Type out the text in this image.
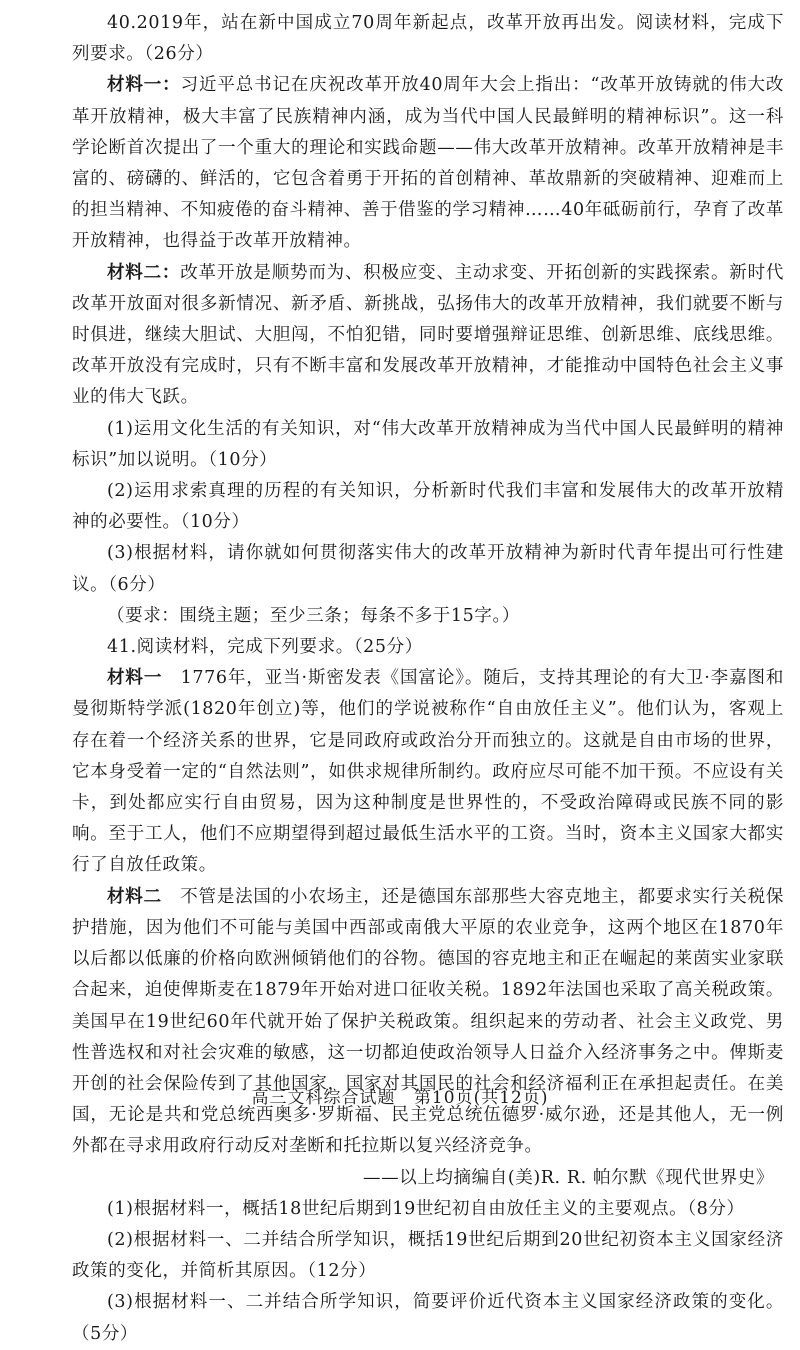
40.2019年，站在新中国成立70周年新起点，改革开放再出发。阅读材料，完成下列要求。（26分）

材料一：习近平总书记在庆祝改革开放40周年大会上指出：“改革开放铸就的伟大改革开放精神，极大丰富了民族精神内涵，成为当代中国人民最鲜明的精神标识”。这一科学论断首次提出了一个重大的理论和实践命题——伟大改革开放精神。改革开放精神是丰富的、磅礴的、鲜活的，它包含着勇于开拓的首创精神、革故鼎新的突破精神、迎难而上的担当精神、不知疲倦的奋斗精神、善于借鉴的学习精神……40年砥砺前行，孕育了改革开放精神，也得益于改革开放精神。

材料二：改革开放是顺势而为、积极应变、主动求变、开拓创新的实践探索。新时代改革开放面对很多新情况、新矛盾、新挑战，弘扬伟大的改革开放精神，我们就要不断与时俱进，继续大胆试、大胆闯，不怕犯错，同时要增强辩证思维、创新思维、底线思维。改革开放没有完成时，只有不断丰富和发展改革开放精神，才能推动中国特色社会主义事业的伟大飞跃。

(1)运用文化生活的有关知识，对“伟大改革开放精神成为当代中国人民最鲜明的精神标识”加以说明。（10分）

(2)运用求索真理的历程的有关知识，分析新时代我们丰富和发展伟大的改革开放精神的必要性。（10分）

(3)根据材料，请你就如何贯彻落实伟大的改革开放精神为新时代青年提出可行性建议。（6分）

（要求：围绕主题；至少三条；每条不多于15字。）

41.阅读材料，完成下列要求。（25分）

材料一　1776年，亚当·斯密发表《国富论》。随后，支持其理论的有大卫·李嘉图和曼彻斯特学派(1820年创立)等，他们的学说被称作“自由放任主义”。他们认为，客观上存在着一个经济关系的世界，它是同政府或政治分开而独立的。这就是自由市场的世界，它本身受着一定的“自然法则”，如供求规律所制约。政府应尽可能不加干预。不应设有关卡，到处都应实行自由贸易，因为这种制度是世界性的，不受政治障碍或民族不同的影响。至于工人，他们不应期望得到超过最低生活水平的工资。当时，资本主义国家大都实行了自放任政策。

材料二　不管是法国的小农场主，还是德国东部那些大容克地主，都要求实行关税保护措施，因为他们不可能与美国中西部或南俄大平原的农业竞争，这两个地区在1870年以后都以低廉的价格向欧洲倾销他们的谷物。德国的容克地主和正在崛起的莱茵实业家联合起来，迫使俾斯麦在1879年开始对进口征收关税。1892年法国也采取了高关税政策。美国早在19世纪60年代就开始了保护关税政策。组织起来的劳动者、社会主义政党、男性普选权和对社会灾难的敏感，这一切都迫使政治领导人日益介入经济事务之中。俾斯麦开创的社会保险传到了其他国家，国家对其国民的社会和经济福利正在承担起责任。在美国，无论是共和党总统西奥多·罗斯福、民主党总统伍德罗·威尔逊，还是其他人，无一例外都在寻求用政府行动反对垄断和托拉斯以复兴经济竞争。

——以上均摘编自(美)R. R. 帕尔默《现代世界史》

(1)根据材料一，概括18世纪后期到19世纪初自由放任主义的主要观点。（8分）

(2)根据材料一、二并结合所学知识，概括19世纪后期到20世纪初资本主义国家经济政策的变化，并简析其原因。（12分）

(3)根据材料一、二并结合所学知识，简要评价近代资本主义国家经济政策的变化。（5分）

高三文科综合试题 第10页(共12页)
